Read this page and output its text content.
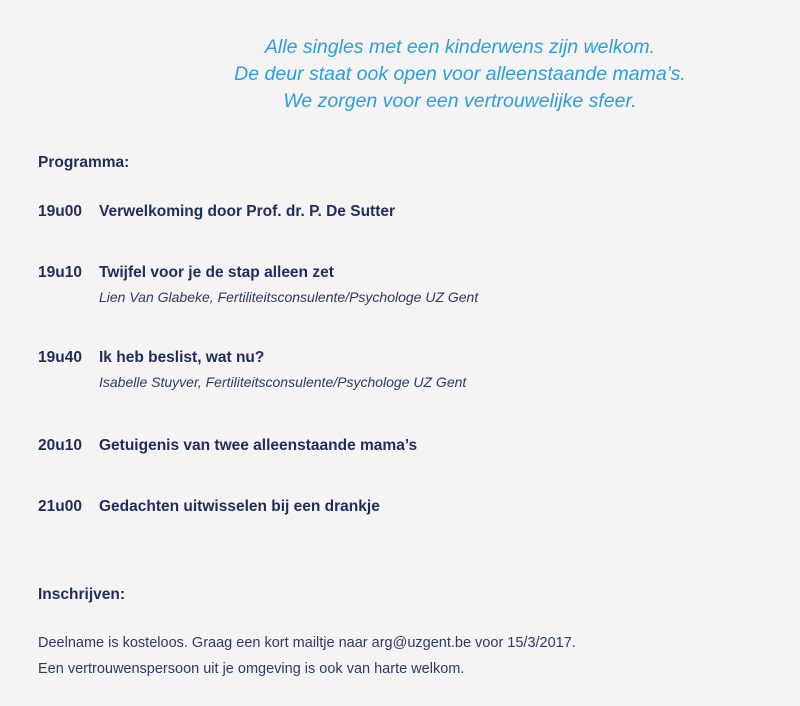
Alle singles met een kinderwens zijn welkom.

De deur staat ook open voor alleenstaande mama’s.

We zorgen voor een vertrouwelijke sfeer.

Programma:
19u00	Verwelkoming door Prof. dr. P. De Sutter
19u10	Twijfel voor je de stap alleen zet
Lien Van Glabeke, Fertiliteitsconsulente/Psychologe UZ Gent
19u40	Ik heb beslist, wat nu?
Isabelle Stuyver, Fertiliteitsconsulente/Psychologe UZ Gent
20u10	Getuigenis van twee alleenstaande mama’s
21u00	Gedachten uitwisselen bij een drankje
Inschrijven:

Deelname is kosteloos. Graag een kort mailtje naar arg@uzgent.be voor 15/3/2017.

Een vertrouwenspersoon uit je omgeving is ook van harte welkom.
